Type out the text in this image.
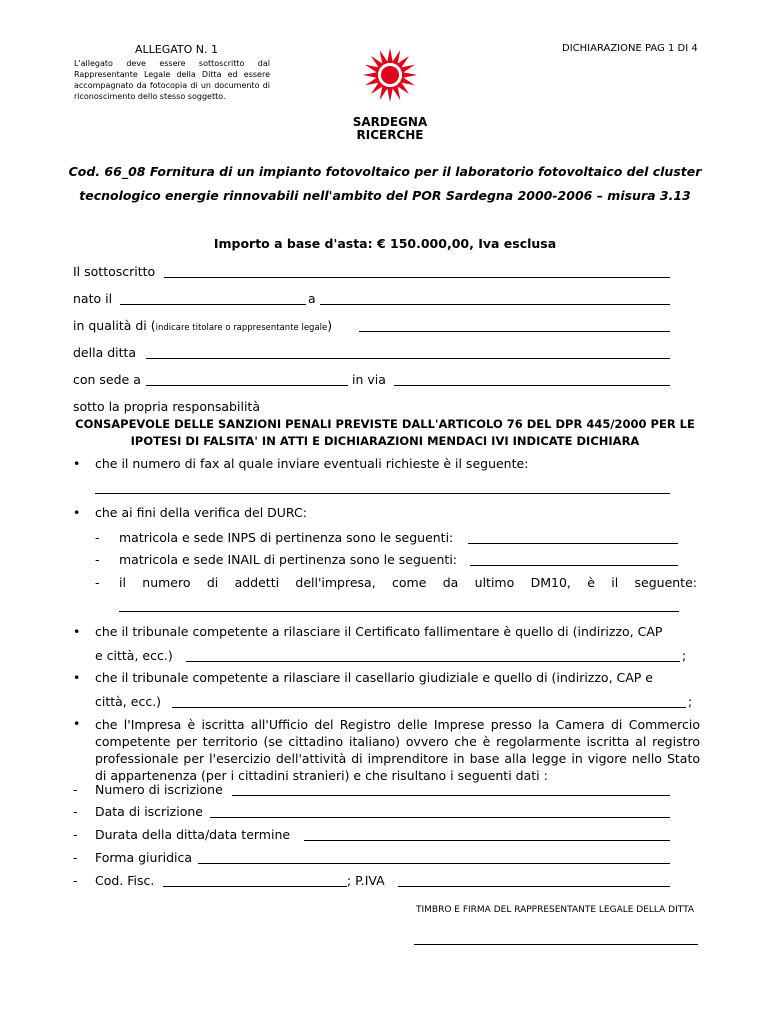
ALLEGATO N. 1
L'allegato deve essere sottoscritto dal Rappresentante Legale della Ditta ed essere accompagnato da fotocopia di un documento di riconoscimento dello stesso soggetto.
DICHIARAZIONE PAG 1 DI 4
SARDEGNA
RICERCHE
Cod. 66_08 Fornitura di un impianto fotovoltaico per il laboratorio fotovoltaico del cluster tecnologico energie rinnovabili nell'ambito del POR Sardegna 2000-2006 – misura 3.13
Importo a base d'asta: € 150.000,00, Iva esclusa
Il sottoscritto
nato il	a
in qualità di (indicare titolare o rappresentante legale)
della ditta
con sede a	in via
sotto la propria responsabilità
CONSAPEVOLE DELLE SANZIONI PENALI PREVISTE DALL'ARTICOLO 76 DEL DPR 445/2000 PER LE IPOTESI DI FALSITA' IN ATTI E DICHIARAZIONI MENDACI IVI INDICATE DICHIARA
• che il numero di fax al quale inviare eventuali richieste è il seguente:
• che ai fini della verifica del DURC:
- matricola e sede INPS di pertinenza sono le seguenti:
- matricola e sede INAIL di pertinenza sono le seguenti:
- il numero di addetti dell'impresa, come da ultimo DM10, è il seguente:
• che il tribunale competente a rilasciare il Certificato fallimentare è quello di (indirizzo, CAP
e città, ecc.)	;
• che il tribunale competente a rilasciare il casellario giudiziale e quello di (indirizzo, CAP e
città, ecc.)	;
• che l'Impresa è iscritta all'Ufficio del Registro delle Imprese presso la Camera di Commercio competente per territorio (se cittadino italiano) ovvero che è regolarmente iscritta al registro professionale per l'esercizio dell'attività di imprenditore in base alla legge in vigore nello Stato di appartenenza (per i cittadini stranieri) e che risultano i seguenti dati :
- Numero di iscrizione
- Data di iscrizione
- Durata della ditta/data termine
- Forma giuridica
- Cod. Fisc.	; P.IVA
TIMBRO E FIRMA DEL RAPPRESENTANTE LEGALE DELLA DITTA
